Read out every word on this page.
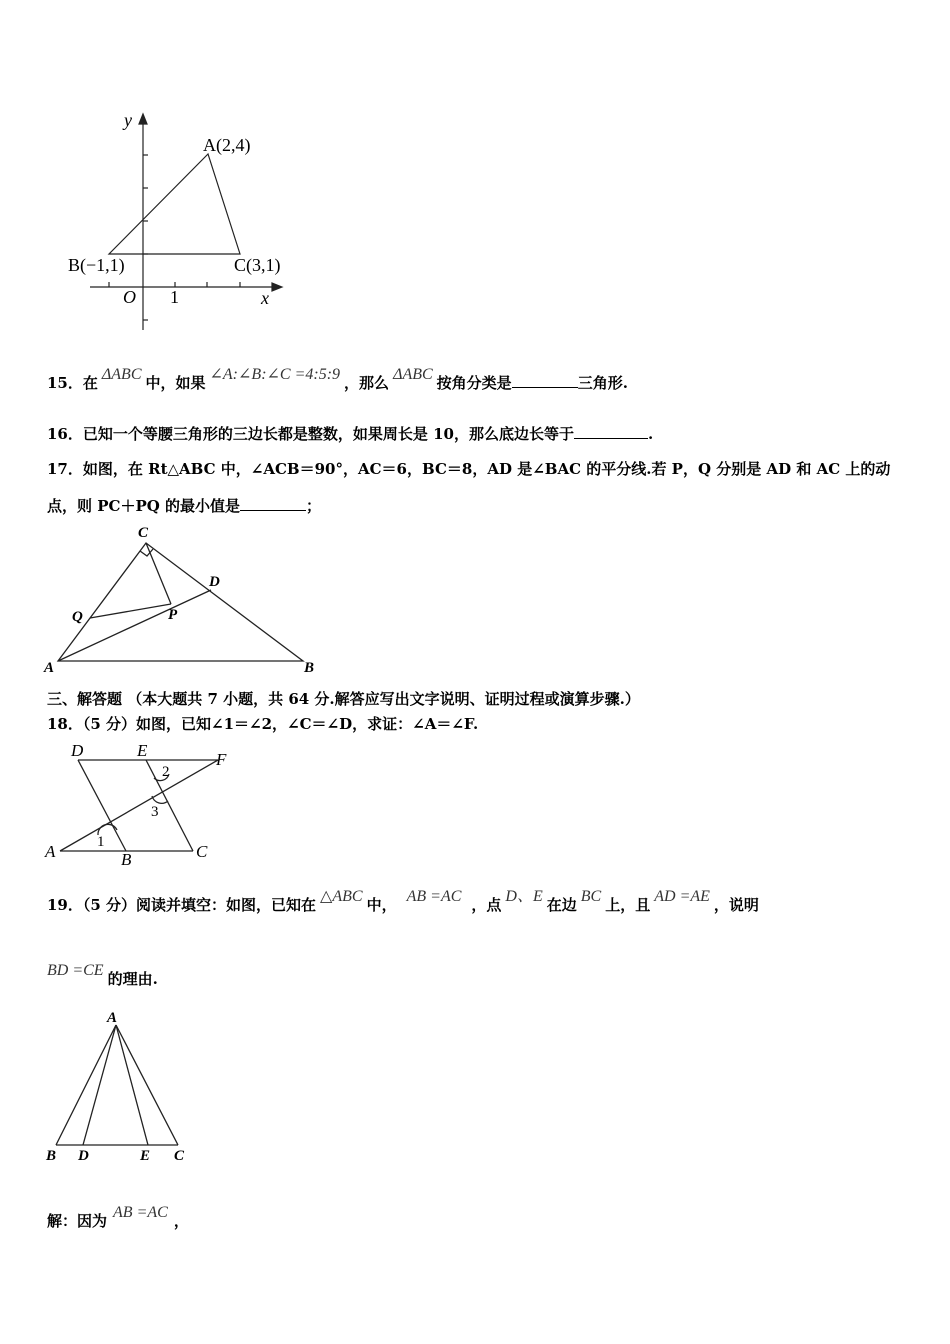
y
x
O 1
A(2,4)
B(−1,1)	C(3,1)
15．在 ΔABC 中，如果 ∠A:∠B:∠C =4:5:9 ，那么 ΔABC 按角分类是	三角形.
16．已知一个等腰三角形的三边长都是整数，如果周长是 10，那么底边长等于	.
17．如图，在 Rt△ABC 中，∠ACB＝90°，AC＝6，BC＝8，AD 是∠BAC 的平分线.若 P，Q 分别是 AD 和 AC 上的动
点，则 PC＋PQ 的最小值是	；
C
D
Q	P
A	B
三、解答题 （本大题共 7 小题，共 64 分.解答应写出文字说明、证明过程或演算步骤.）
18．（5 分）如图，已知∠1＝∠2，∠C＝∠D，求证：∠A＝∠F.
D	E	F
A	B	C
1
2
3
19．（5 分）阅读并填空：如图，已知在 △ABC 中， AB =AC ，点 D、E 在边 BC 上，且 AD =AE ，说明
BD =CE 的理由.
A
B D	E C
解：因为 AB =AC ，
